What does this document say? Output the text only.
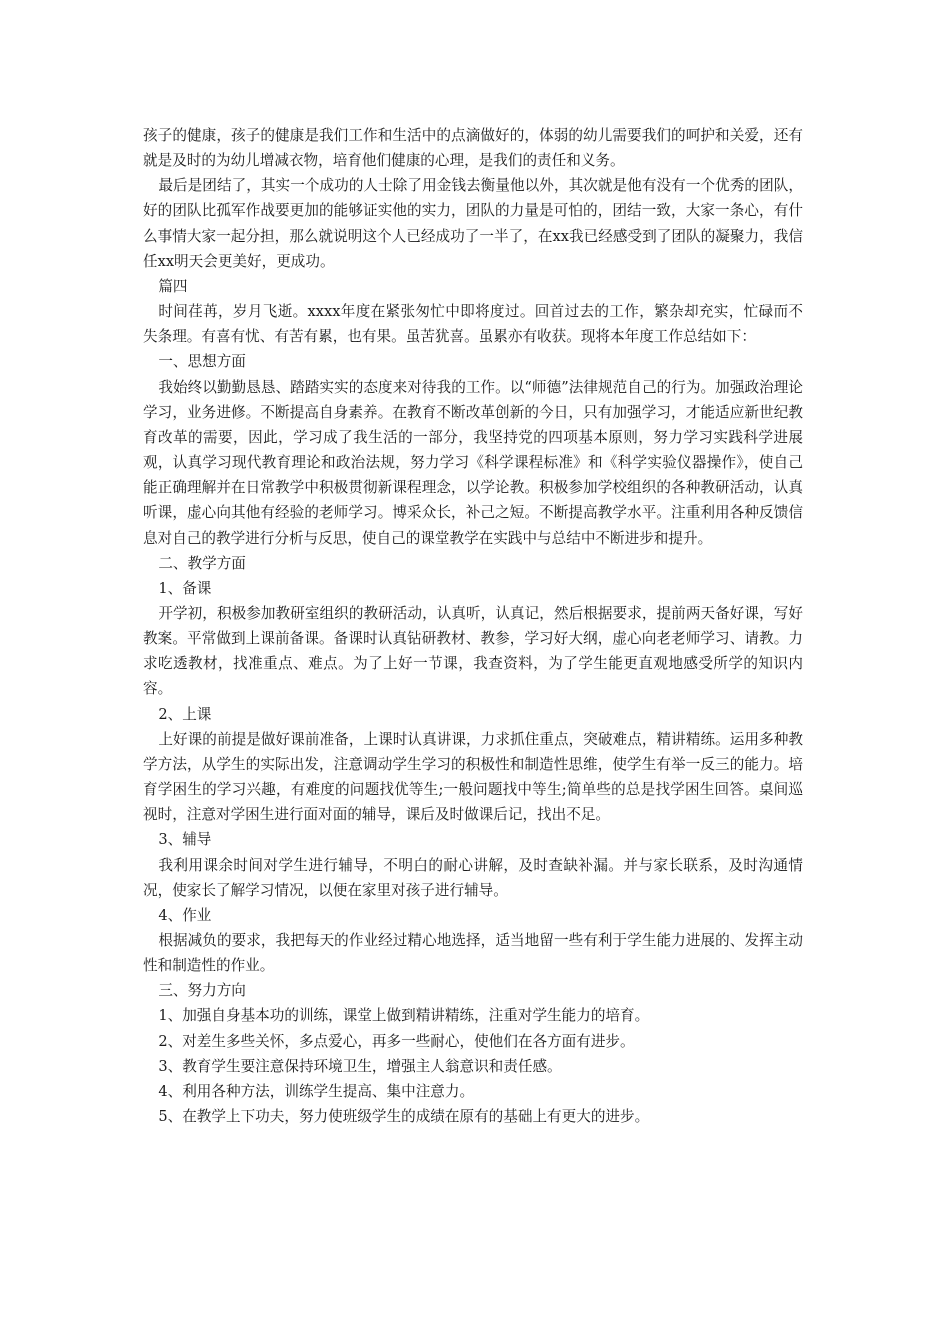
孩子的健康，孩子的健康是我们工作和生活中的点滴做好的，体弱的幼儿需要我们的呵护和关爱，还有就是及时的为幼儿增减衣物，培育他们健康的心理，是我们的责任和义务。

最后是团结了，其实一个成功的人士除了用金钱去衡量他以外，其次就是他有没有一个优秀的团队，好的团队比孤军作战要更加的能够证实他的实力，团队的力量是可怕的，团结一致，大家一条心，有什么事情大家一起分担，那么就说明这个人已经成功了一半了，在xx我已经感受到了团队的凝聚力，我信任xx明天会更美好，更成功。

篇四

时间荏苒，岁月飞逝。xxxx年度在紧张匆忙中即将度过。回首过去的工作，繁杂却充实，忙碌而不失条理。有喜有忧、有苦有累，也有果。虽苦犹喜。虽累亦有收获。现将本年度工作总结如下：

一、思想方面

我始终以勤勤恳恳、踏踏实实的态度来对待我的工作。以“师德”法律规范自己的行为。加强政治理论学习，业务进修。不断提高自身素养。在教育不断改革创新的今日，只有加强学习，才能适应新世纪教育改革的需要，因此，学习成了我生活的一部分，我坚持党的四项基本原则，努力学习实践科学进展观，认真学习现代教育理论和政治法规，努力学习《科学课程标准》和《科学实验仪器操作》，使自己能正确理解并在日常教学中积极贯彻新课程理念，以学论教。积极参加学校组织的各种教研活动，认真听课，虚心向其他有经验的老师学习。博采众长，补己之短。不断提高教学水平。注重利用各种反馈信息对自己的教学进行分析与反思，使自己的课堂教学在实践中与总结中不断进步和提升。

二、教学方面

1、备课

开学初，积极参加教研室组织的教研活动，认真听，认真记，然后根据要求，提前两天备好课，写好教案。平常做到上课前备课。备课时认真钻研教材、教参，学习好大纲，虚心向老老师学习、请教。力求吃透教材，找准重点、难点。为了上好一节课，我查资料，为了学生能更直观地感受所学的知识内容。

2、上课

上好课的前提是做好课前准备，上课时认真讲课，力求抓住重点，突破难点，精讲精练。运用多种教学方法，从学生的实际出发，注意调动学生学习的积极性和制造性思维，使学生有举一反三的能力。培育学困生的学习兴趣，有难度的问题找优等生;一般问题找中等生;简单些的总是找学困生回答。桌间巡视时，注意对学困生进行面对面的辅导，课后及时做课后记，找出不足。

3、辅导

我利用课余时间对学生进行辅导，不明白的耐心讲解，及时查缺补漏。并与家长联系，及时沟通情况，使家长了解学习情况，以便在家里对孩子进行辅导。

4、作业

根据减负的要求，我把每天的作业经过精心地选择，适当地留一些有利于学生能力进展的、发挥主动性和制造性的作业。

三、努力方向

1、加强自身基本功的训练，课堂上做到精讲精练，注重对学生能力的培育。

2、对差生多些关怀，多点爱心，再多一些耐心，使他们在各方面有进步。

3、教育学生要注意保持环境卫生，增强主人翁意识和责任感。

4、利用各种方法，训练学生提高、集中注意力。

5、在教学上下功夫，努力使班级学生的成绩在原有的基础上有更大的进步。
